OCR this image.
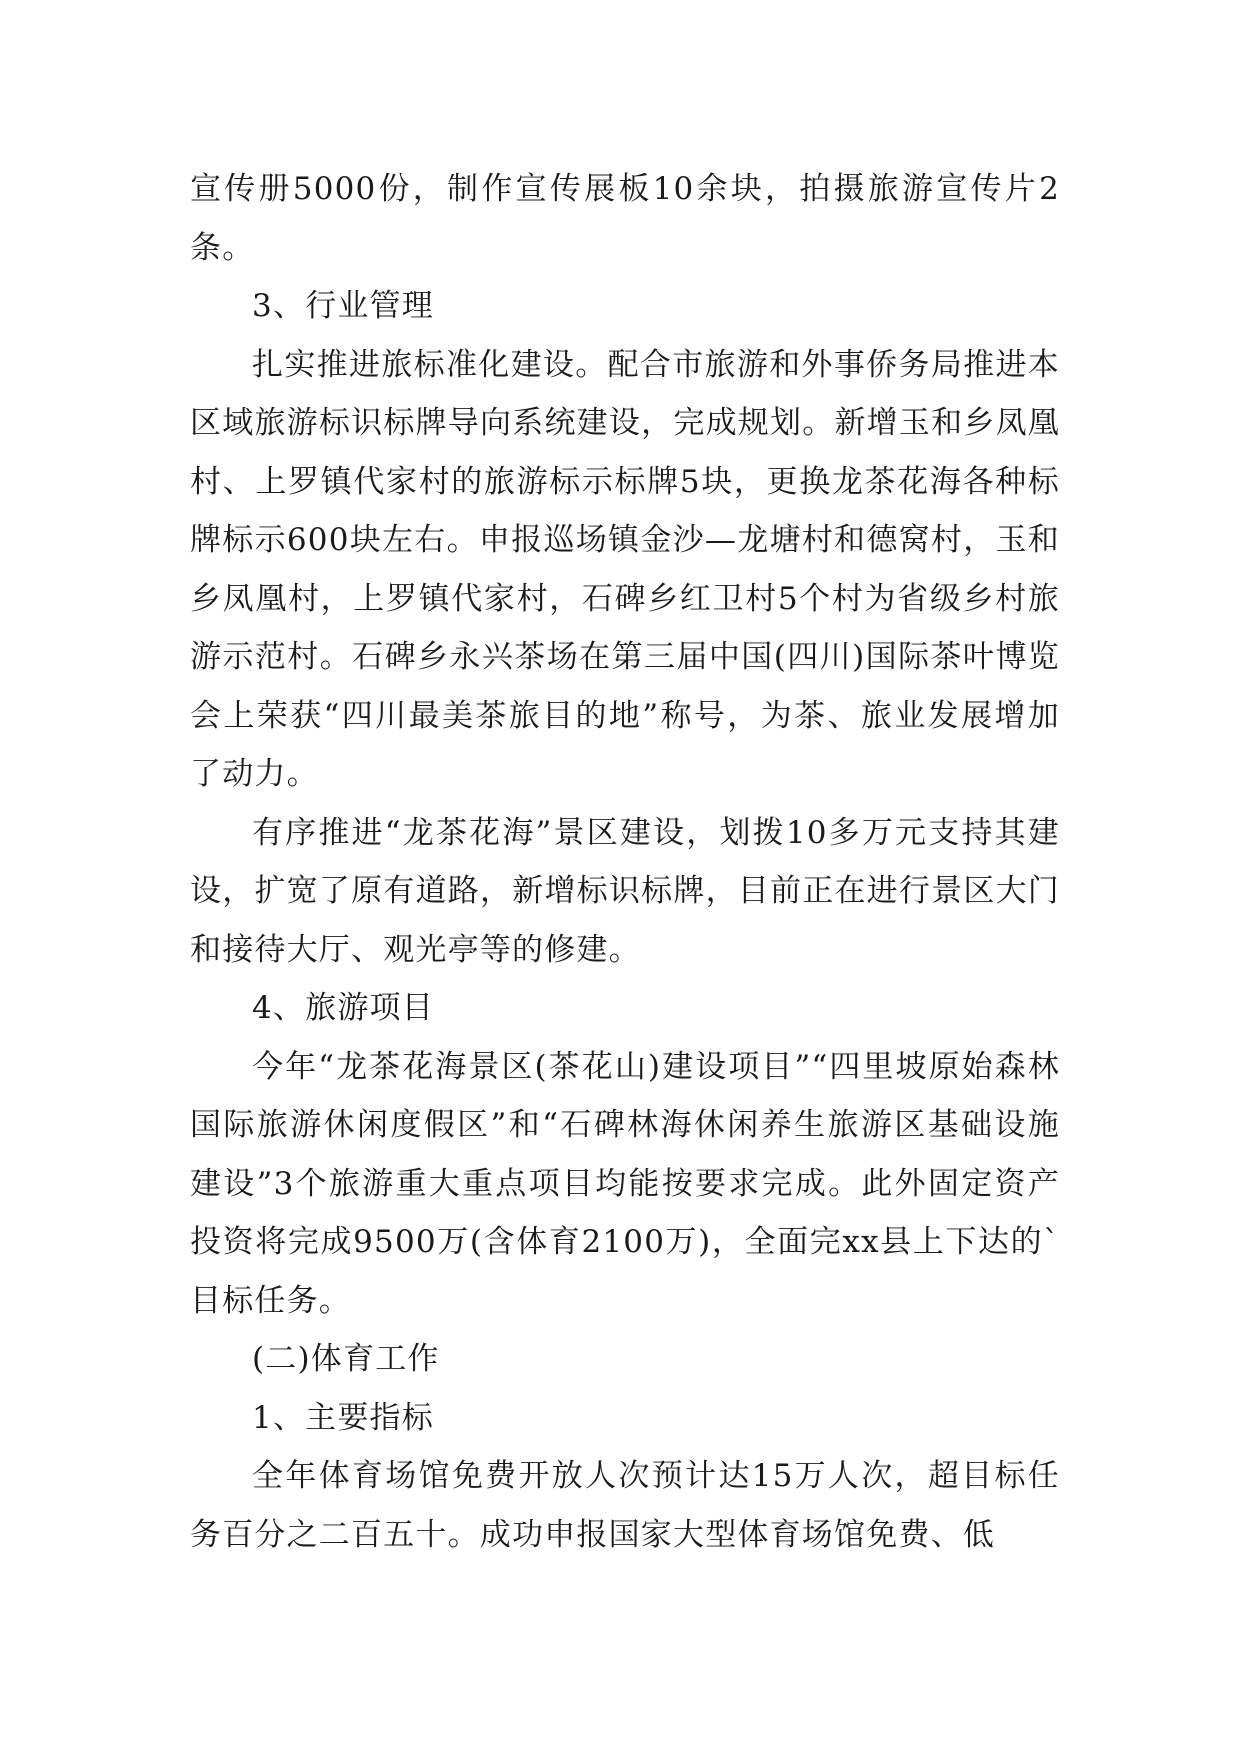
宣传册5000份，制作宣传展板10余块，拍摄旅游宣传片2条。

3、行业管理

扎实推进旅标准化建设。配合市旅游和外事侨务局推进本区域旅游标识标牌导向系统建设，完成规划。新增玉和乡凤凰村、上罗镇代家村的旅游标示标牌5块，更换龙茶花海各种标牌标示600块左右。申报巡场镇金沙—龙塘村和德窝村，玉和乡凤凰村，上罗镇代家村，石碑乡红卫村5个村为省级乡村旅游示范村。石碑乡永兴茶场在第三届中国(四川)国际茶叶博览会上荣获“四川最美茶旅目的地”称号，为茶、旅业发展增加了动力。

有序推进“龙茶花海”景区建设，划拨10多万元支持其建设，扩宽了原有道路，新增标识标牌，目前正在进行景区大门和接待大厅、观光亭等的修建。

4、旅游项目

今年“龙茶花海景区(茶花山)建设项目”“四里坡原始森林国际旅游休闲度假区”和“石碑林海休闲养生旅游区基础设施建设”3个旅游重大重点项目均能按要求完成。此外固定资产投资将完成9500万(含体育2100万)，全面完xx县上下达的`目标任务。

(二)体育工作

1、主要指标

全年体育场馆免费开放人次预计达15万人次，超目标任务百分之二百五十。成功申报国家大型体育场馆免费、低
